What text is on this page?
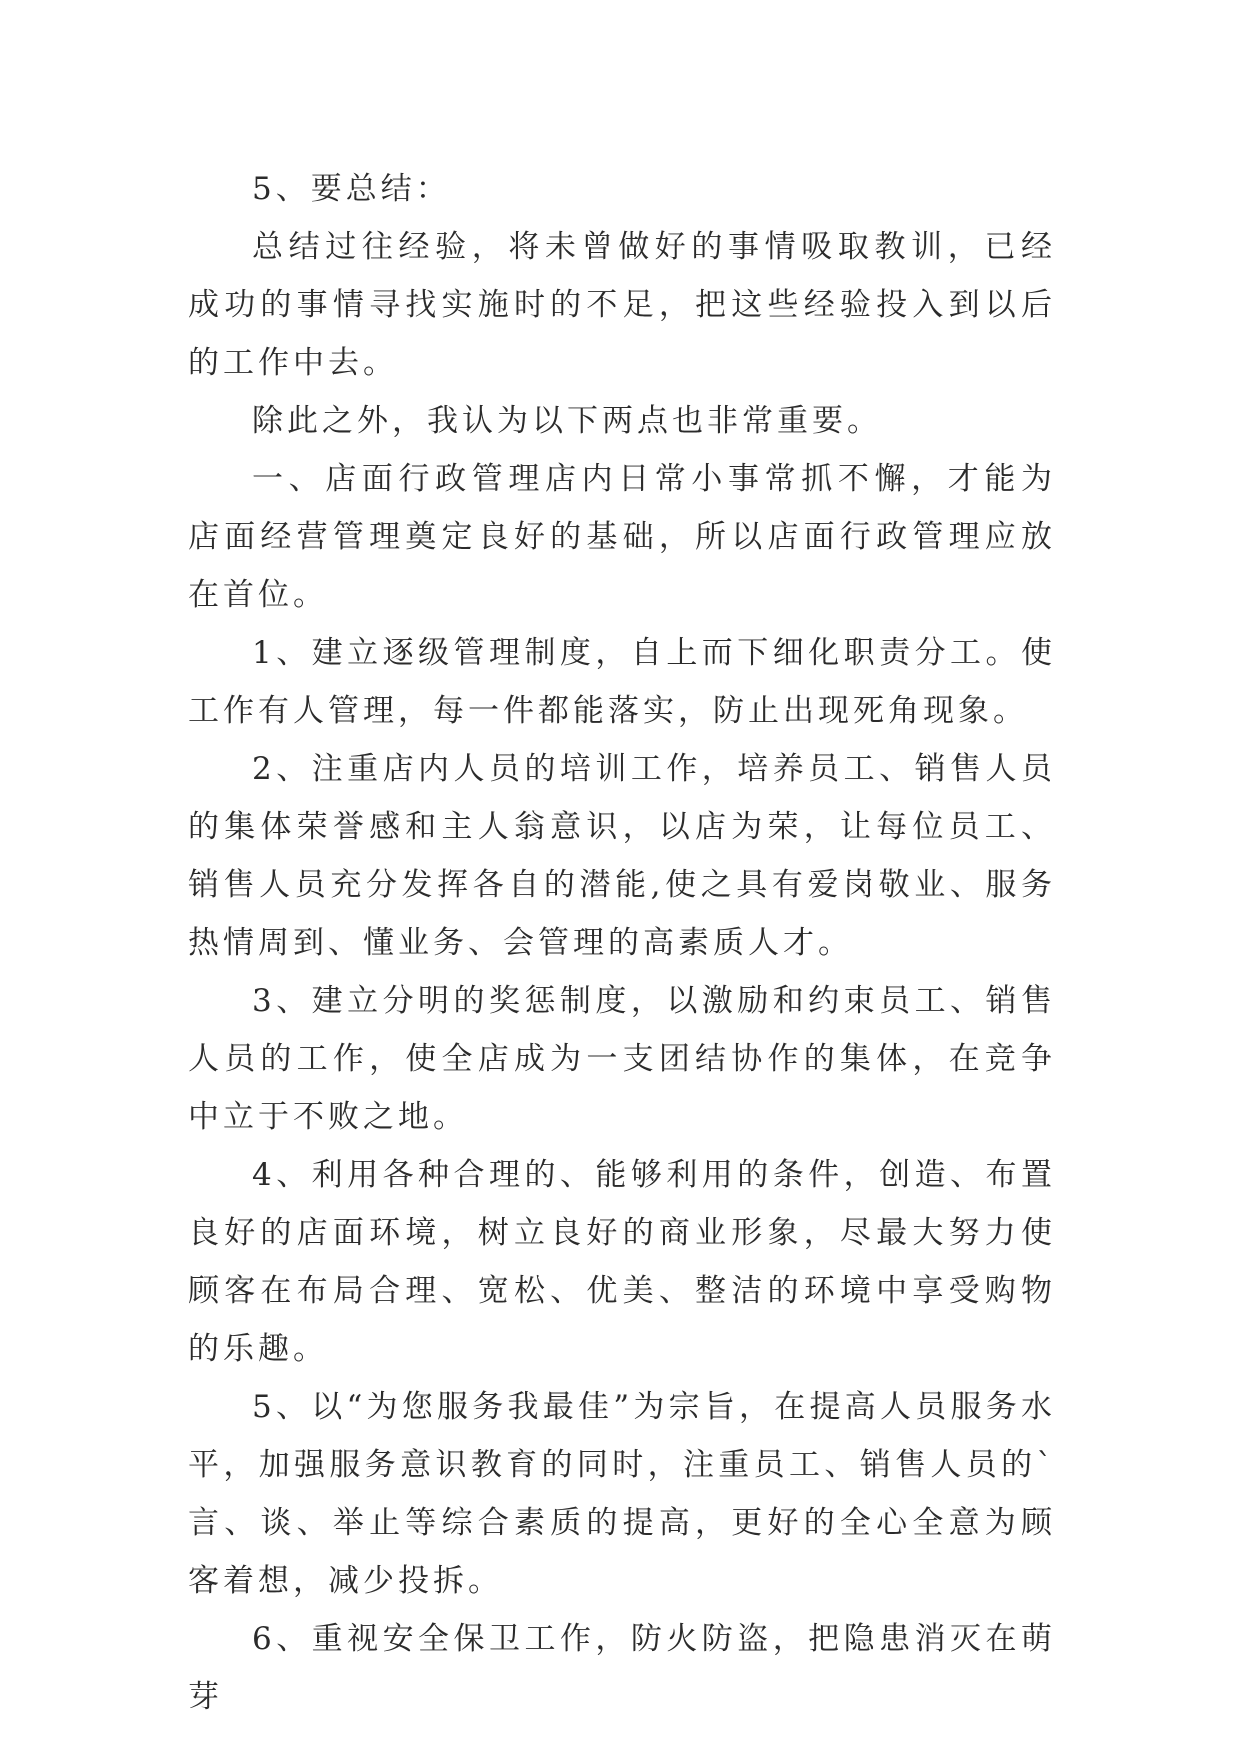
5、要总结：

总结过往经验，将未曾做好的事情吸取教训，已经成功的事情寻找实施时的不足，把这些经验投入到以后的工作中去。

除此之外，我认为以下两点也非常重要。

一、店面行政管理店内日常小事常抓不懈，才能为店面经营管理奠定良好的基础，所以店面行政管理应放在首位。

1、建立逐级管理制度，自上而下细化职责分工。使工作有人管理，每一件都能落实，防止出现死角现象。

2、注重店内人员的培训工作，培养员工、销售人员的集体荣誉感和主人翁意识，以店为荣，让每位员工、销售人员充分发挥各自的潜能,使之具有爱岗敬业、服务热情周到、懂业务、会管理的高素质人才。

3、建立分明的奖惩制度，以激励和约束员工、销售人员的工作，使全店成为一支团结协作的集体，在竞争中立于不败之地。

4、利用各种合理的、能够利用的条件，创造、布置良好的店面环境，树立良好的商业形象，尽最大努力使顾客在布局合理、宽松、优美、整洁的环境中享受购物的乐趣。

5、以“为您服务我最佳”为宗旨，在提高人员服务水平，加强服务意识教育的同时，注重员工、销售人员的`言、谈、举止等综合素质的提高，更好的全心全意为顾客着想，减少投拆。

6、重视安全保卫工作，防火防盗，把隐患消灭在萌芽
